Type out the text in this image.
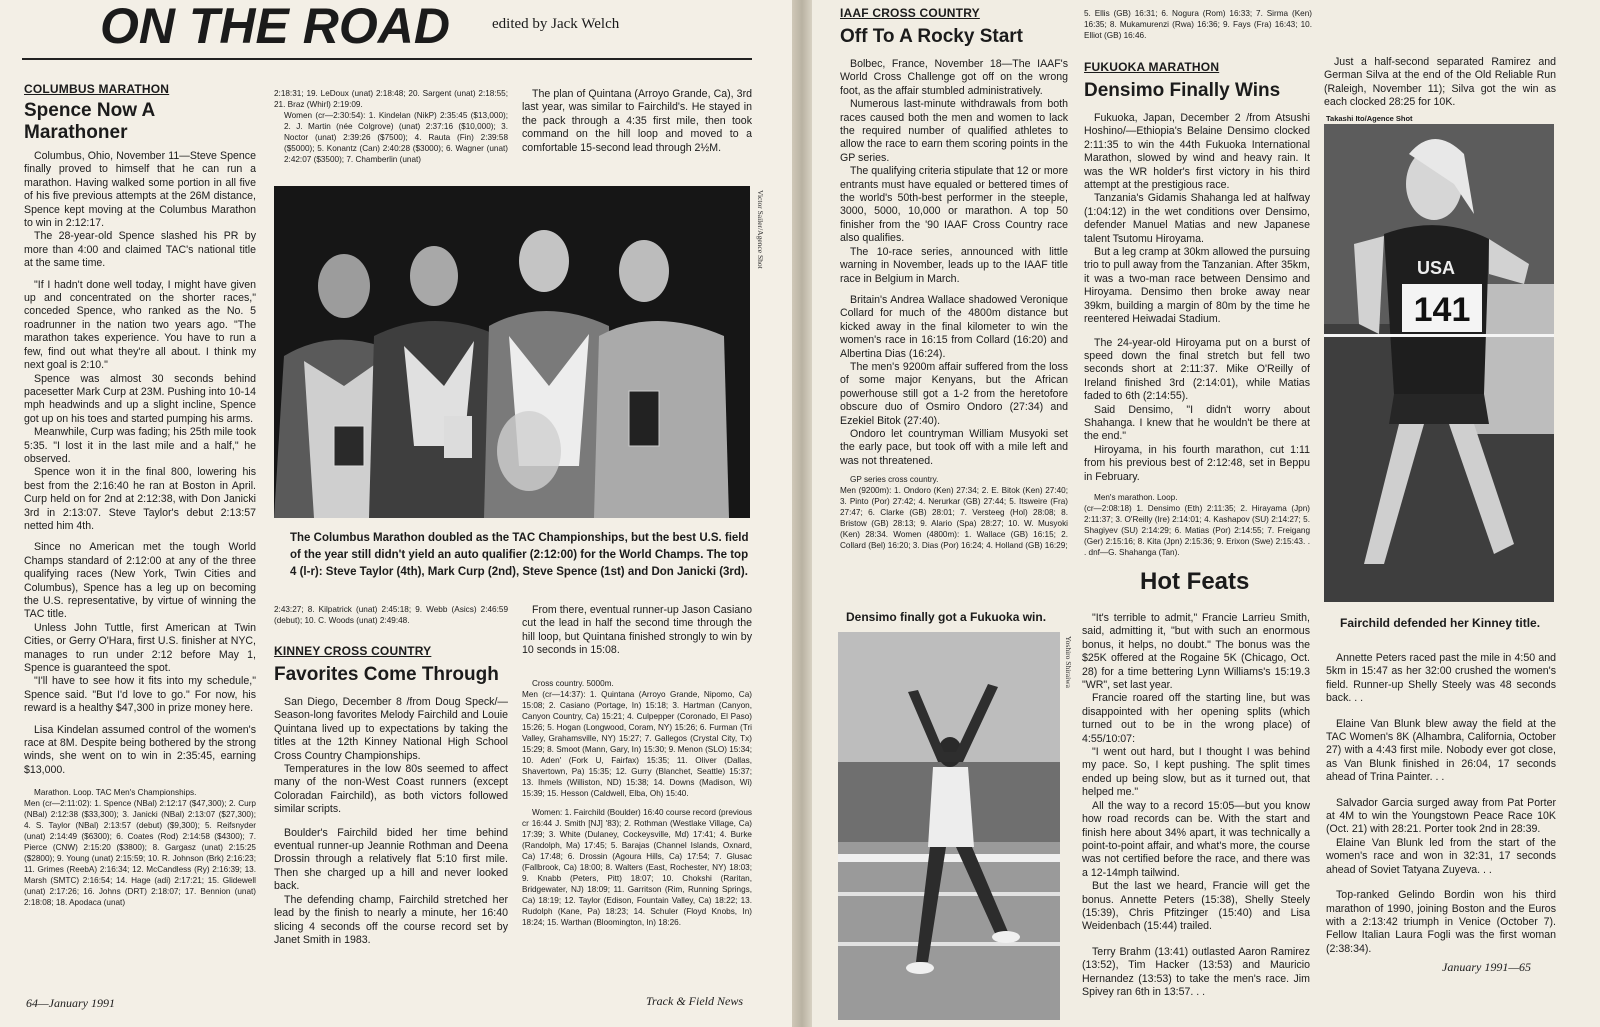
ON THE ROAD	edited by Jack Welch
COLUMBUS MARATHON
Spence Now A Marathoner

Columbus, Ohio, November 11—Steve Spence finally proved to himself that he can run a marathon. Having walked some portion in all five of his five previous attempts at the 26M distance, Spence kept moving at the Columbus Marathon to win in 2:12:17.

The 28-year-old Spence slashed his PR by more than 4:00 and claimed TAC's national title at the same time.

"If I hadn't done well today, I might have given up and concentrated on the shorter races," conceded Spence, who ranked as the No. 5 roadrunner in the nation two years ago. "The marathon takes experience. You have to run a few, find out what they're all about. I think my next goal is 2:10."

Spence was almost 30 seconds behind pacesetter Mark Curp at 23M. Pushing into 10-14 mph headwinds and up a slight incline, Spence got up on his toes and started pumping his arms.

Meanwhile, Curp was fading; his 25th mile took 5:35. "I lost it in the last mile and a half," he observed.

Spence won it in the final 800, lowering his best from the 2:16:40 he ran at Boston in April. Curp held on for 2nd at 2:12:38, with Don Janicki 3rd in 2:13:07. Steve Taylor's debut 2:13:57 netted him 4th.

Since no American met the tough World Champs standard of 2:12:00 at any of the three qualifying races (New York, Twin Cities and Columbus), Spence has a leg up on becoming the U.S. representative, by virtue of winning the TAC title.

Unless John Tuttle, first American at Twin Cities, or Gerry O'Hara, first U.S. finisher at NYC, manages to run under 2:12 before May 1, Spence is guaranteed the spot.

"I'll have to see how it fits into my schedule," Spence said. "But I'd love to go." For now, his reward is a healthy $47,300 in prize money here.

Lisa Kindelan assumed control of the women's race at 8M. Despite being bothered by the strong winds, she went on to win in 2:35:45, earning $13,000.

Marathon. Loop. TAC Men's Championships.

Men (cr—2:11:02): 1. Spence (NBal) 2:12:17 ($47,300); 2. Curp (NBal) 2:12:38 ($33,300); 3. Janicki (NBal) 2:13:07 ($27,300); 4. S. Taylor (NBal) 2:13:57 (debut) ($9,300); 5. Reifsnyder (unat) 2:14:49 ($6300); 6. Coates (Rod) 2:14:58 ($4300); 7. Pierce (CNW) 2:15:20 ($3800); 8. Gargasz (unat) 2:15:25 ($2800); 9. Young (unat) 2:15:59; 10. R. Johnson (Brk) 2:16:23; 11. Grimes (ReebA) 2:16:34; 12. McCandless (Ry) 2:16:39; 13. Marsh (SMTC) 2:16:54; 14. Hage (adi) 2:17:21; 15. Glidewell (unat) 2:17:26; 16. Johns (DRT) 2:18:07; 17. Bennion (unat) 2:18:08; 18. Apodaca (unat)

2:18:31; 19. LeDoux (unat) 2:18:48; 20. Sargent (unat) 2:18:55; 21. Braz (Whirl) 2:19:09.

Women (cr—2:30:54): 1. Kindelan (NikP) 2:35:45 ($13,000); 2. J. Martin (née Colgrove) (unat) 2:37:16 ($10,000); 3. Noctor (unat) 2:39:26 ($7500); 4. Rauta (Fin) 2:39:58 ($5000); 5. Konantz (Can) 2:40:28 ($3000); 6. Wagner (unat) 2:42:07 ($3500); 7. Chamberlin (unat)

The plan of Quintana (Arroyo Grande, Ca), 3rd last year, was similar to Fairchild's. He stayed in the pack through a 4:35 first mile, then took command on the hill loop and moved to a comfortable 15-second lead through 2½M.

Victor Sailer/Agence Shot
The Columbus Marathon doubled as the TAC Championships, but the best U.S. field of the year still didn't yield an auto qualifier (2:12:00) for the World Champs. The top 4 (l-r): Steve Taylor (4th), Mark Curp (2nd), Steve Spence (1st) and Don Janicki (3rd).

2:43:27; 8. Kilpatrick (unat) 2:45:18; 9. Webb (Asics) 2:46:59 (debut); 10. C. Woods (unat) 2:49:48.

KINNEY CROSS COUNTRY
Favorites Come Through

San Diego, December 8 /from Doug Speck/—Season-long favorites Melody Fairchild and Louie Quintana lived up to expectations by taking the titles at the 12th Kinney National High School Cross Country Championships.

Temperatures in the low 80s seemed to affect many of the non-West Coast runners (except Coloradan Fairchild), as both victors followed similar scripts.

Boulder's Fairchild bided her time behind eventual runner-up Jeannie Rothman and Deena Drossin through a relatively flat 5:10 first mile. Then she charged up a hill and never looked back.

The defending champ, Fairchild stretched her lead by the finish to nearly a minute, her 16:40 slicing 4 seconds off the course record set by Janet Smith in 1983.

From there, eventual runner-up Jason Casiano cut the lead in half the second time through the hill loop, but Quintana finished strongly to win by 10 seconds in 15:08.

Cross country. 5000m.

Men (cr—14:37): 1. Quintana (Arroyo Grande, Nipomo, Ca) 15:08; 2. Casiano (Portage, In) 15:18; 3. Hartman (Canyon, Canyon Country, Ca) 15:21; 4. Culpepper (Coronado, El Paso) 15:26; 5. Hogan (Longwood, Coram, NY) 15:26; 6. Furman (Tri Valley, Grahamsville, NY) 15:27; 7. Gallegos (Crystal City, Tx) 15:29; 8. Smoot (Mann, Gary, In) 15:30; 9. Menon (SLO) 15:34; 10. Aden' (Fork U, Fairfax) 15:35; 11. Oliver (Dallas, Shavertown, Pa) 15:35; 12. Gurry (Blanchet, Seattle) 15:37; 13. Ihmels (Williston, ND) 15:38; 14. Downs (Madison, Wi) 15:39; 15. Hesson (Caldwell, Elba, Oh) 15:40.

Women: 1. Fairchild (Boulder) 16:40 course record (previous cr 16:44 J. Smith [NJ] '83); 2. Rothman (Westlake Village, Ca) 17:39; 3. White (Dulaney, Cockeysville, Md) 17:41; 4. Burke (Randolph, Ma) 17:45; 5. Barajas (Channel Islands, Oxnard, Ca) 17:48; 6. Drossin (Agoura Hills, Ca) 17:54; 7. Glusac (Fallbrook, Ca) 18:00; 8. Walters (East, Rochester, NY) 18:03; 9. Knabb (Peters, Pitt) 18:07; 10. Chokshi (Raritan, Bridgewater, NJ) 18:09; 11. Garritson (Rim, Running Springs, Ca) 18:19; 12. Taylor (Edison, Fountain Valley, Ca) 18:22; 13. Rudolph (Kane, Pa) 18:23; 14. Schuler (Floyd Knobs, In) 18:24; 15. Warthan (Bloomington, In) 18:26.

64—January 1991	Track & Field News
IAAF CROSS COUNTRY
Off To A Rocky Start

Bolbec, France, November 18—The IAAF's World Cross Challenge got off on the wrong foot, as the affair stumbled administratively.

Numerous last-minute withdrawals from both races caused both the men and women to lack the required number of qualified athletes to allow the race to earn them scoring points in the GP series.

The qualifying criteria stipulate that 12 or more entrants must have equaled or bettered times of the world's 50th-best performer in the steeple, 3000, 5000, 10,000 or marathon. A top 50 finisher from the '90 IAAF Cross Country race also qualifies.

The 10-race series, announced with little warning in November, leads up to the IAAF title race in Belgium in March.

Britain's Andrea Wallace shadowed Veronique Collard for much of the 4800m distance but kicked away in the final kilometer to win the women's race in 16:15 from Collard (16:20) and Albertina Dias (16:24).

The men's 9200m affair suffered from the loss of some major Kenyans, but the African powerhouse still got a 1-2 from the heretofore obscure duo of Osmiro Ondoro (27:34) and Ezekiel Bitok (27:40).

Ondoro let countryman William Musyoki set the early pace, but took off with a mile left and was not threatened.

GP series cross country.

Men (9200m): 1. Ondoro (Ken) 27:34; 2. E. Bitok (Ken) 27:40; 3. Pinto (Por) 27:42; 4. Nerurkar (GB) 27:44; 5. Itsweire (Fra) 27:47; 6. Clarke (GB) 28:01; 7. Versteeg (Hol) 28:08; 8. Bristow (GB) 28:13; 9. Alario (Spa) 28:27; 10. W. Musyoki (Ken) 28:34. Women (4800m): 1. Wallace (GB) 16:15; 2. Collard (Bel) 16:20; 3. Dias (Por) 16:24; 4. Holland (GB) 16:29;

Densimo finally got a Fukuoka win.
Yoshiro Shiraiwa

5. Ellis (GB) 16:31; 6. Nogura (Rom) 16:33; 7. Sirma (Ken) 16:35; 8. Mukamurenzi (Rwa) 16:36; 9. Fays (Fra) 16:43; 10. Elliot (GB) 16:46.

FUKUOKA MARATHON
Densimo Finally Wins

Fukuoka, Japan, December 2 /from Atsushi Hoshino/—Ethiopia's Belaine Densimo clocked 2:11:35 to win the 44th Fukuoka International Marathon, slowed by wind and heavy rain. It was the WR holder's first victory in his third attempt at the prestigious race.

Tanzania's Gidamis Shahanga led at halfway (1:04:12) in the wet conditions over Densimo, defender Manuel Matias and new Japanese talent Tsutomu Hiroyama.

But a leg cramp at 30km allowed the pursuing trio to pull away from the Tanzanian. After 35km, it was a two-man race between Densimo and Hiroyama. Densimo then broke away near 39km, building a margin of 80m by the time he reentered Heiwadai Stadium.

The 24-year-old Hiroyama put on a burst of speed down the final stretch but fell two seconds short at 2:11:37. Mike O'Reilly of Ireland finished 3rd (2:14:01), while Matias faded to 6th (2:14:55).

Said Densimo, "I didn't worry about Shahanga. I knew that he wouldn't be there at the end."

Hiroyama, in his fourth marathon, cut 1:11 from his previous best of 2:12:48, set in Beppu in February.

Men's marathon. Loop.

(cr—2:08:18) 1. Densimo (Eth) 2:11:35; 2. Hirayama (Jpn) 2:11:37; 3. O'Reilly (Ire) 2:14:01; 4. Kashapov (SU) 2:14:27; 5. Shagiyev (SU) 2:14:29; 6. Matias (Por) 2:14:55; 7. Freigang (Ger) 2:15:16; 8. Kita (Jpn) 2:15:36; 9. Erixon (Swe) 2:15:43. . . dnf—G. Shahanga (Tan).

Hot Feats

"It's terrible to admit," Francie Larrieu Smith, said, admitting it, "but with such an enormous bonus, it helps, no doubt." The bonus was the $25K offered at the Rogaine 5K (Chicago, Oct. 28) for a time bettering Lynn Williams's 15:19.3 "WR", set last year.

Francie roared off the starting line, but was disappointed with her opening splits (which turned out to be in the wrong place) of 4:55/10:07:

"I went out hard, but I thought I was behind my pace. So, I kept pushing. The split times ended up being slow, but as it turned out, that helped me."

All the way to a record 15:05—but you know how road records can be. With the start and finish here about 34% apart, it was technically a point-to-point affair, and what's more, the course was not certified before the race, and there was a 12-14mph tailwind.

But the last we heard, Francie will get the bonus. Annette Peters (15:38), Shelly Steely (15:39), Chris Pfitzinger (15:40) and Lisa Weidenbach (15:44) trailed.

Terry Brahm (13:41) outlasted Aaron Ramirez (13:52), Tim Hacker (13:53) and Mauricio Hernandez (13:53) to take the men's race. Jim Spivey ran 6th in 13:57. . .

Just a half-second separated Ramirez and German Silva at the end of the Old Reliable Run (Raleigh, November 11); Silva got the win as each clocked 28:25 for 10K.

Takashi Ito/Agence Shot
141
USA
Fairchild defended her Kinney title.

Annette Peters raced past the mile in 4:50 and 5km in 15:47 as her 32:00 crushed the women's field. Runner-up Shelly Steely was 48 seconds back. . .

Elaine Van Blunk blew away the field at the TAC Women's 8K (Alhambra, California, October 27) with a 4:43 first mile. Nobody ever got close, as Van Blunk finished in 26:04, 17 seconds ahead of Trina Painter. . .

Salvador Garcia surged away from Pat Porter at 4M to win the Youngstown Peace Race 10K (Oct. 21) with 28:21. Porter took 2nd in 28:39.

Elaine Van Blunk led from the start of the women's race and won in 32:31, 17 seconds ahead of Soviet Tatyana Zuyeva. . .

Top-ranked Gelindo Bordin won his third marathon of 1990, joining Boston and the Euros with a 2:13:42 triumph in Venice (October 7). Fellow Italian Laura Fogli was the first woman (2:38:34).

January 1991—65
